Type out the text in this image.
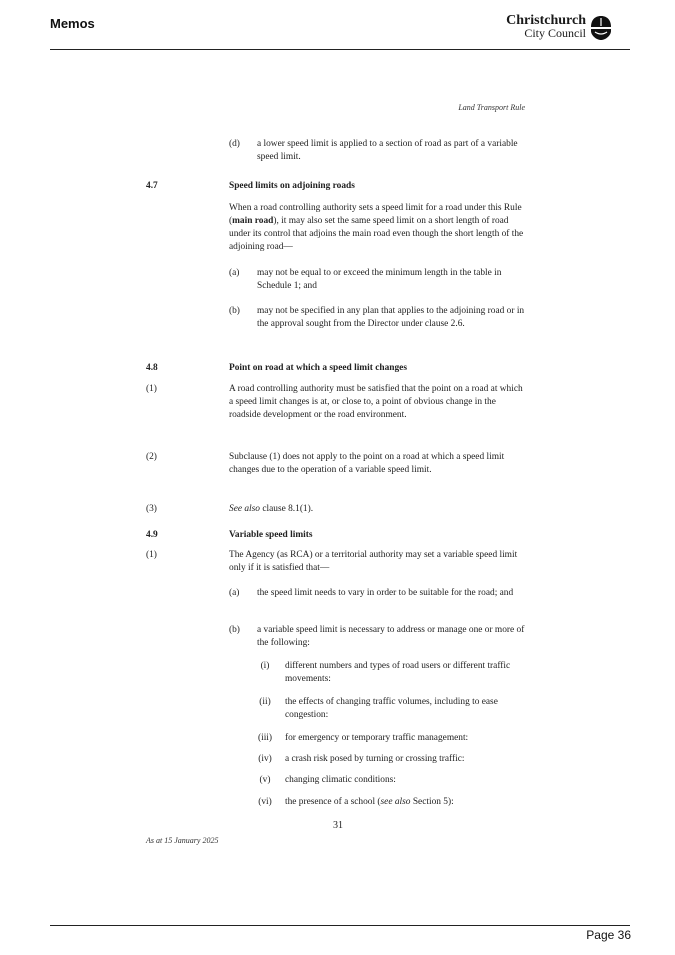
Memos	Christchurch
City Council
Land Transport Rule
(d) a lower speed limit is applied to a section of road as part of a variable speed limit.
4.7	Speed limits on adjoining roads
When a road controlling authority sets a speed limit for a road under this Rule (main road), it may also set the same speed limit on a short length of road under its control that adjoins the main road even though the short length of the adjoining road—
(a) may not be equal to or exceed the minimum length in the table in Schedule 1; and
(b) may not be specified in any plan that applies to the adjoining road or in the approval sought from the Director under clause 2.6.
4.8	Point on road at which a speed limit changes
(1)	A road controlling authority must be satisfied that the point on a road at which a speed limit changes is at, or close to, a point of obvious change in the roadside development or the road environment.
(2)	Subclause (1) does not apply to the point on a road at which a speed limit changes due to the operation of a variable speed limit.
(3)	See also clause 8.1(1).
4.9	Variable speed limits
(1)	The Agency (as RCA) or a territorial authority may set a variable speed limit only if it is satisfied that—
(a) the speed limit needs to vary in order to be suitable for the road; and
(b) a variable speed limit is necessary to address or manage one or more of the following:
(i)	different numbers and types of road users or different traffic movements:
(ii)	the effects of changing traffic volumes, including to ease congestion:
(iii)	for emergency or temporary traffic management:
(iv)	a crash risk posed by turning or crossing traffic:
(v)	changing climatic conditions:
(vi)	the presence of a school (see also Section 5):
31
As at 15 January 2025
Page 36
